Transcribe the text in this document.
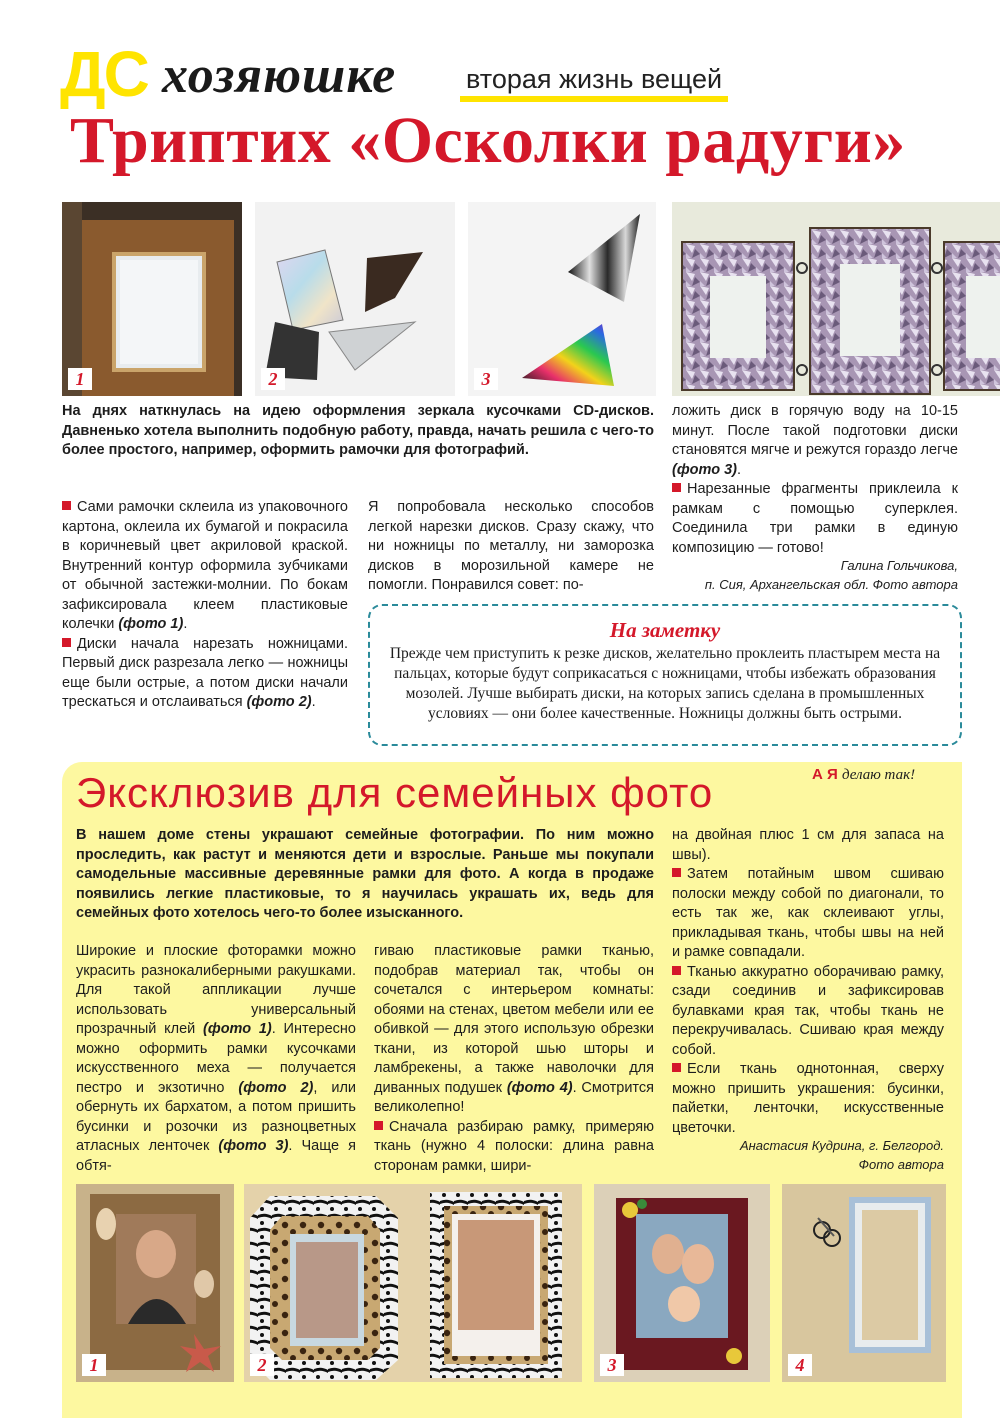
ДС хозяюшке	вторая жизнь вещей
Триптих «Осколки радуги»
1	2	3
На днях наткнулась на идею оформления зеркала кусочками CD-дисков. Давненько хотела выполнить подобную работу, правда, начать решила с чего-то более простого, например, оформить рамочки для фотографий.
Сами рамочки склеила из упаковочного картона, оклеила их бумагой и покрасила в коричневый цвет акриловой краской. Внутренний контур оформила зубчиками от обычной застежки-молнии. По бокам зафиксировала клеем пластиковые колечки (фото 1).
Диски начала нарезать ножницами. Первый диск разрезала легко — ножницы еще были острые, а потом диски начали трескаться и отслаиваться (фото 2).
Я попробовала несколько способов легкой нарезки дисков. Сразу скажу, что ни ножницы по металлу, ни заморозка дисков в морозильной камере не помогли. Понравился совет: по-
ложить диск в горячую воду на 10-15 минут. После такой подготовки диски становятся мягче и режутся гораздо легче (фото 3).
Нарезанные фрагменты приклеила к рамкам с помощью суперклея. Соединила три рамки в единую композицию — готово!
Галина Гольчикова,
п. Сия, Архангельская обл. Фото автора
На заметку
Прежде чем приступить к резке дисков, желательно проклеить пластырем места на пальцах, которые будут соприкасаться с ножницами, чтобы избежать образования мозолей. Лучше выбирать диски, на которых запись сделана в промышленных условиях — они более качественные. Ножницы должны быть острыми.
Эксклюзив для семейных фото	А Я делаю так!
В нашем доме стены украшают семейные фотографии. По ним можно проследить, как растут и меняются дети и взрослые. Раньше мы покупали самодельные массивные деревянные рамки для фото. А когда в продаже появились легкие пластиковые, то я научилась украшать их, ведь для семейных фото хотелось чего-то более изысканного.
Широкие и плоские фоторамки можно украсить разнокалиберными ракушками. Для такой аппликации лучше использовать универсальный прозрачный клей (фото 1). Интересно можно оформить рамки кусочками искусственного меха — получается пестро и экзотично (фото 2), или обернуть их бархатом, а потом пришить бусинки и розочки из разноцветных атласных ленточек (фото 3). Чаще я обтя-
гиваю пластиковые рамки тканью, подобрав материал так, чтобы он сочетался с интерьером комнаты: обоями на стенах, цветом мебели или ее обивкой — для этого использую обрезки ткани, из которой шью шторы и ламбрекены, а также наволочки для диванных подушек (фото 4). Смотрится великолепно!
Сначала разбираю рамку, примеряю ткань (нужно 4 полоски: длина равна сторонам рамки, шири-
на двойная плюс 1 см для запаса на швы).
Затем потайным швом сшиваю полоски между собой по диагонали, то есть так же, как склеивают углы, прикладывая ткань, чтобы швы на ней и рамке совпадали.
Тканью аккуратно оборачиваю рамку, сзади соединив и зафиксировав булавками края так, чтобы ткань не перекручивалась. Сшиваю края между собой.
Если ткань однотонная, сверху можно пришить украшения: бусинки, пайетки, ленточки, искусственные цветочки.
Анастасия Кудрина, г. Белгород.
Фото автора
1	2	3	4
